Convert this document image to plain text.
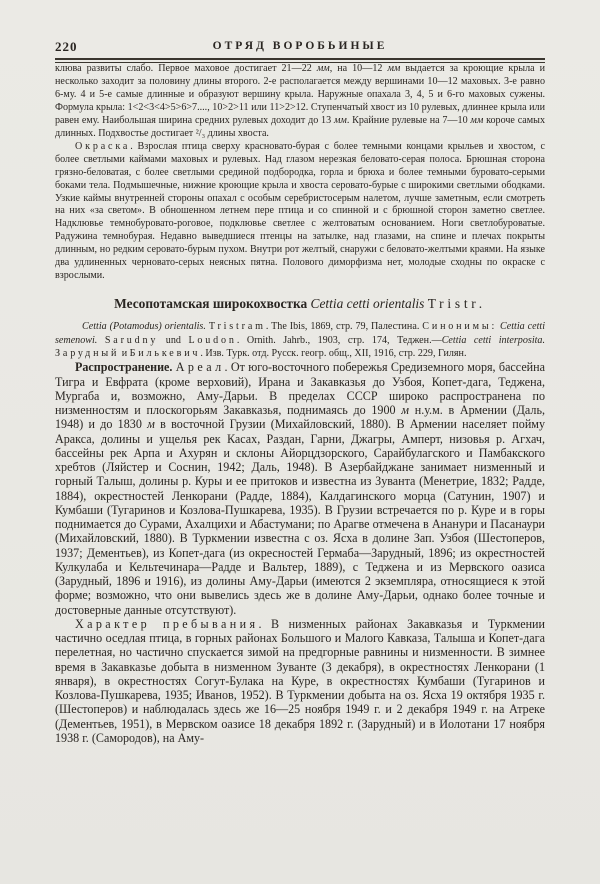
220	ОТРЯД ВОРОБЬИНЫЕ

клюва развиты слабо. Первое маховое достигает 21—22 мм, на 10—12 мм выдается за кроющие крыла и несколько заходит за половину длины второго. 2-е располагается между вершинами 10—12 маховых. 3-е равно 6-му. 4 и 5-е самые длинные и образуют вершину крыла. Наружные опахала 3, 4, 5 и 6-го маховых сужены. Формула крыла: 1<2<3<4>5>6>7...., 10>2>11 или 11>2>12. Ступенчатый хвост из 10 рулевых, длиннее крыла или равен ему. Наибольшая ширина средних рулевых доходит до 13 мм. Крайние рулевые на 7—10 мм короче самых длинных. Подхвостье достигает ²/₃ длины хвоста.

Окраска. Взрослая птица сверху красновато-бурая с более темными концами крыльев и хвостом, с более светлыми каймами маховых и рулевых. Над глазом нерезкая беловато-серая полоса. Брюшная сторона грязно-беловатая, с более светлыми срединой подбородка, горла и брюха и более темными буровато-серыми боками тела. Подмышечные, нижние кроющие крыла и хвоста серовато-бурые с широкими светлыми ободками. Узкие каймы внутренней стороны опахал с особым серебристосерым налетом, лучше заметным, если смотреть на них «за светом». В обношенном летнем пере птица и со спинной и с брюшной сторон заметно светлее. Надклювье темнобуровато-роговое, подклювье светлее с желтоватым основанием. Ноги светлобуроватые. Радужина темнобурая. Недавно выведшиеся птенцы на затылке, над глазами, на спине и плечах покрыты длинным, но редким серовато-бурым пухом. Внутри рот желтый, снаружи с беловато-желтыми краями. На языке два удлиненных черновато-серых неясных пятна. Полового диморфизма нет, молодые сходны по окраске с взрослыми.

Месопотамская широкохвостка Cettia cetti orientalis Tristr.

Cettia (Potamodus) orientalis. Tristram. The Ibis, 1869, стр. 79, Палестина. Синонимы: Cettia cetti semenowi. Sarudny und Loudon. Ornith. Jahrb., 1903, стр. 174, Теджен.—Cettia cetti interposita. Зарудный и Билькевич. Изв. Турк. отд. Русск. геогр. общ., XII, 1916, стр. 229, Гилян.

Распространение. Ареал. От юго-восточного побережья Средиземного моря, бассейна Тигра и Евфрата (кроме верховий), Ирана и Закавказья до Узбоя, Копет-дага, Теджена, Мургаба и, возможно, Аму-Дарьи. В пределах СССР широко распространена по низменностям и плоскогорьям Закавказья, поднимаясь до 1900 м н.у.м. в Армении (Даль, 1948) и до 1830 м в восточной Грузии (Михайловский, 1880). В Армении населяет пойму Аракса, долины и ущелья рек Касах, Раздан, Гарни, Джагры, Амперт, низовья р. Агхач, бассейны рек Арпа и Ахурян и склоны Айорцдзорского, Сарайбулагского и Памбакского хребтов (Ляйстер и Соснин, 1942; Даль, 1948). В Азербайджане занимает низменный и горный Талыш, долины р. Куры и ее притоков и известна из Зуванта (Менетрие, 1832; Радде, 1884), окрестностей Ленкорани (Радде, 1884), Калдагинского морца (Сатунин, 1907) и Кумбаши (Тугаринов и Козлова-Пушкарева, 1935). В Грузии встречается по р. Куре и в горы поднимается до Сурами, Ахалцихи и Абастумани; по Арагве отмечена в Ананури и Пасанаури (Михайловский, 1880). В Туркмении известна с оз. Ясха в долине Зап. Узбоя (Шестоперов, 1937; Дементьев), из Копет-дага (из окресностей Гермаба—Зарудный, 1896; из окрестностей Кулкулаба и Кельтечинара—Радде и Вальтер, 1889), с Теджена и из Мервского оазиса (Зарудный, 1896 и 1916), из долины Аму-Дарьи (имеются 2 экземпляра, относящиеся к этой форме; возможно, что они вывелись здесь же в долине Аму-Дарьи, однако более точные и достоверные данные отсутствуют).

Характер пребывания. В низменных районах Закавказья и Туркмении частично оседлая птица, в горных районах Большого и Малого Кавказа, Талыша и Копет-дага перелетная, но частично спускается зимой на предгорные равнины и низменности. В зимнее время в Закавказье добыта в низменном Зуванте (3 декабря), в окрестностях Ленкорани (1 января), в окрестностях Согут-Булака на Куре, в окрестностях Кумбаши (Тугаринов и Козлова-Пушкарева, 1935; Иванов, 1952). В Туркмении добыта на оз. Ясха 19 октября 1935 г. (Шестоперов) и наблюдалась здесь же 16—25 ноября 1949 г. и 2 декабря 1949 г. на Атреке (Дементьев, 1951), в Мервском оазисе 18 декабря 1892 г. (Зарудный) и в Иолотани 17 ноября 1938 г. (Самородов), на Аму-
